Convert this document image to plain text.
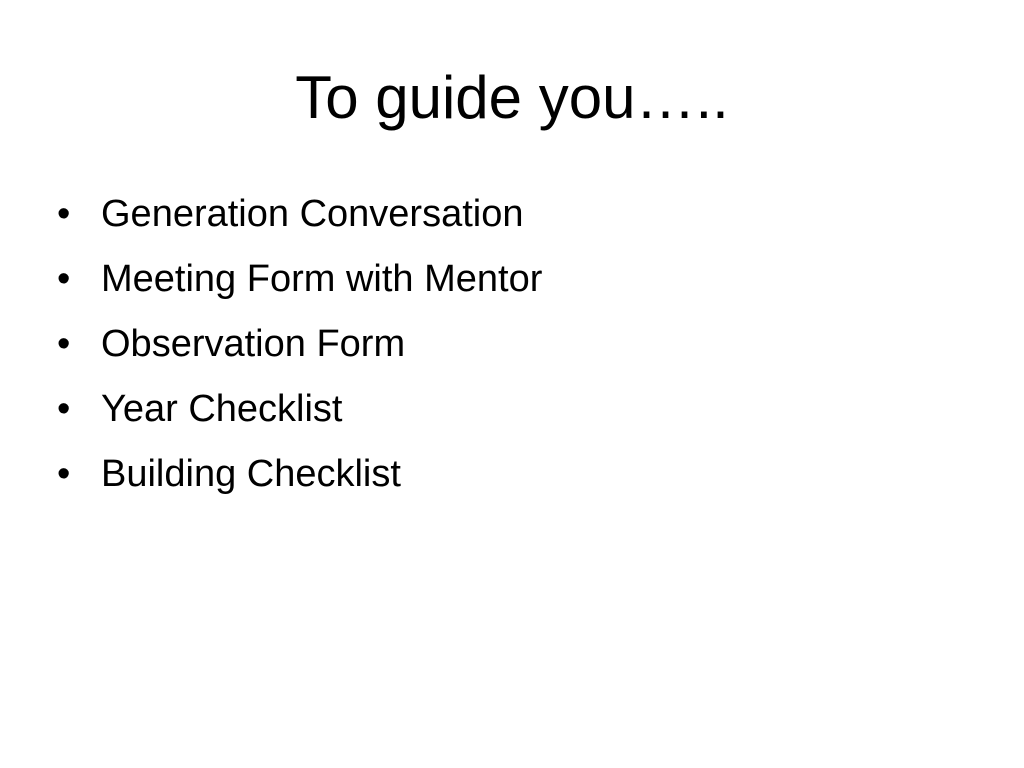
To guide you…..
• Generation Conversation
• Meeting Form with Mentor
• Observation Form
• Year Checklist
• Building Checklist
